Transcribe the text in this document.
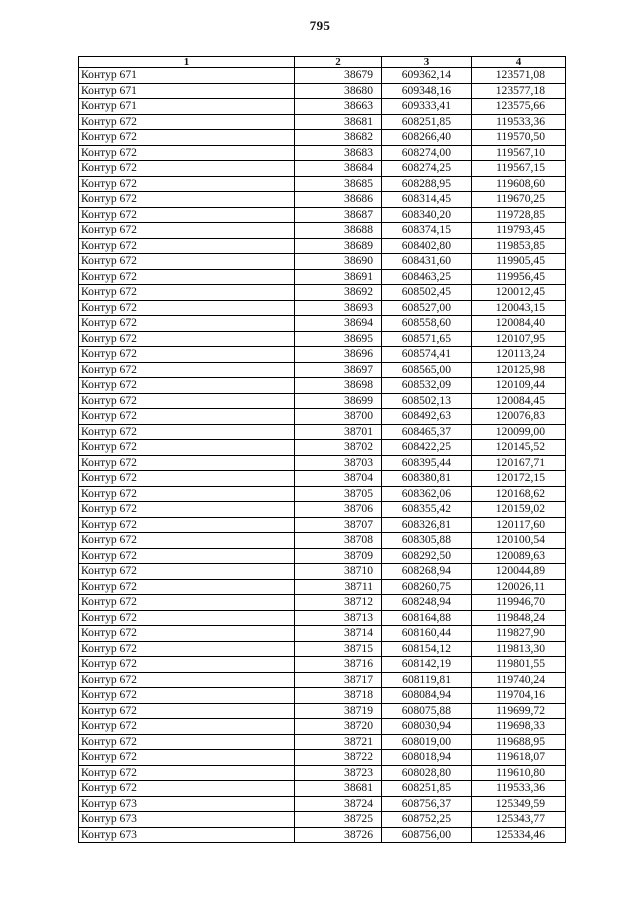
795
1	2	3	4
Контур 671	38679	609362,14	123571,08
Контур 671	38680	609348,16	123577,18
Контур 671	38663	609333,41	123575,66
Контур 672	38681	608251,85	119533,36
Контур 672	38682	608266,40	119570,50
Контур 672	38683	608274,00	119567,10
Контур 672	38684	608274,25	119567,15
Контур 672	38685	608288,95	119608,60
Контур 672	38686	608314,45	119670,25
Контур 672	38687	608340,20	119728,85
Контур 672	38688	608374,15	119793,45
Контур 672	38689	608402,80	119853,85
Контур 672	38690	608431,60	119905,45
Контур 672	38691	608463,25	119956,45
Контур 672	38692	608502,45	120012,45
Контур 672	38693	608527,00	120043,15
Контур 672	38694	608558,60	120084,40
Контур 672	38695	608571,65	120107,95
Контур 672	38696	608574,41	120113,24
Контур 672	38697	608565,00	120125,98
Контур 672	38698	608532,09	120109,44
Контур 672	38699	608502,13	120084,45
Контур 672	38700	608492,63	120076,83
Контур 672	38701	608465,37	120099,00
Контур 672	38702	608422,25	120145,52
Контур 672	38703	608395,44	120167,71
Контур 672	38704	608380,81	120172,15
Контур 672	38705	608362,06	120168,62
Контур 672	38706	608355,42	120159,02
Контур 672	38707	608326,81	120117,60
Контур 672	38708	608305,88	120100,54
Контур 672	38709	608292,50	120089,63
Контур 672	38710	608268,94	120044,89
Контур 672	38711	608260,75	120026,11
Контур 672	38712	608248,94	119946,70
Контур 672	38713	608164,88	119848,24
Контур 672	38714	608160,44	119827,90
Контур 672	38715	608154,12	119813,30
Контур 672	38716	608142,19	119801,55
Контур 672	38717	608119,81	119740,24
Контур 672	38718	608084,94	119704,16
Контур 672	38719	608075,88	119699,72
Контур 672	38720	608030,94	119698,33
Контур 672	38721	608019,00	119688,95
Контур 672	38722	608018,94	119618,07
Контур 672	38723	608028,80	119610,80
Контур 672	38681	608251,85	119533,36
Контур 673	38724	608756,37	125349,59
Контур 673	38725	608752,25	125343,77
Контур 673	38726	608756,00	125334,46
